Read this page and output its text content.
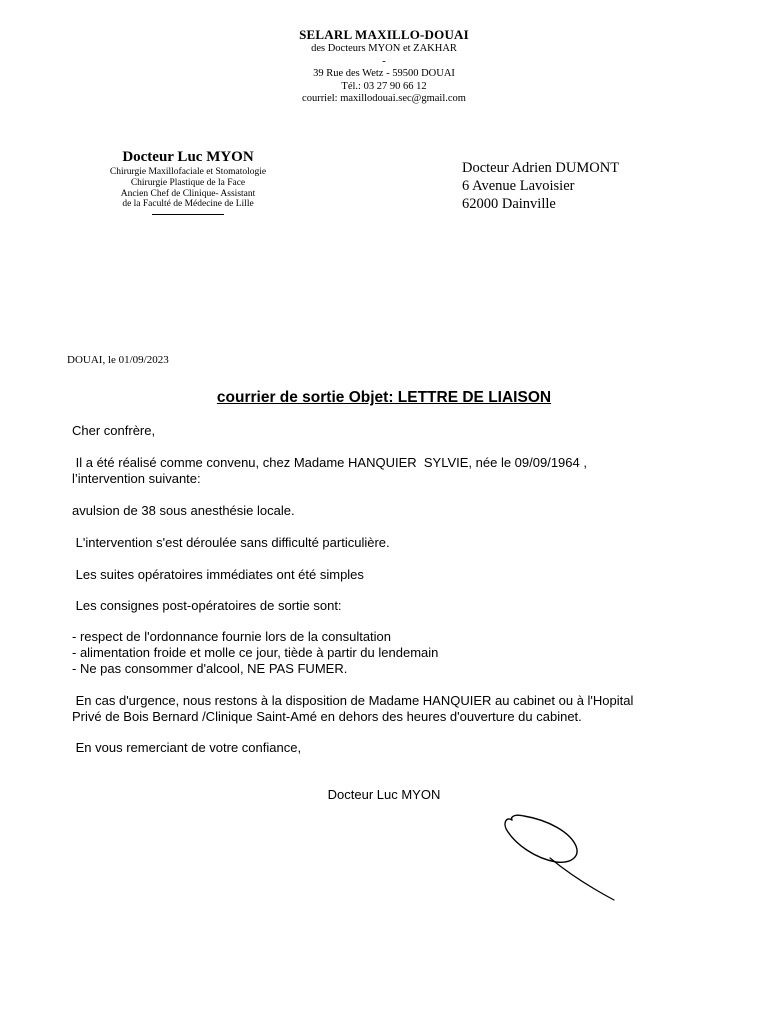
SELARL MAXILLO-DOUAI
des Docteurs MYON et ZAKHAR
-
39 Rue des Wetz - 59500 DOUAI
Tél.: 03 27 90 66 12
courriel: maxillodouai.sec@gmail.com
Docteur Luc MYON
Chirurgie Maxillofaciale et Stomatologie
Chirurgie Plastique de la Face
Ancien Chef de Clinique- Assistant
de la Faculté de Médecine de Lille
Docteur Adrien DUMONT
6 Avenue Lavoisier
62000 Dainville
DOUAI, le 01/09/2023
courrier de sortie Objet: LETTRE DE LIAISON
Cher confrère,
Il a été réalisé comme convenu, chez Madame HANQUIER  SYLVIE, née le 09/09/1964 ,
l’intervention suivante:
avulsion de 38 sous anesthésie locale.
L'intervention s'est déroulée sans difficulté particulière.
Les suites opératoires immédiates ont été simples
Les consignes post-opératoires de sortie sont:
- respect de l'ordonnance fournie lors de la consultation
- alimentation froide et molle ce jour, tiède à partir du lendemain
- Ne pas consommer d'alcool, NE PAS FUMER.
En cas d'urgence, nous restons à la disposition de Madame HANQUIER au cabinet ou à l'Hopital
Privé de Bois Bernard /Clinique Saint-Amé en dehors des heures d'ouverture du cabinet.
En vous remerciant de votre confiance,
Docteur Luc MYON
